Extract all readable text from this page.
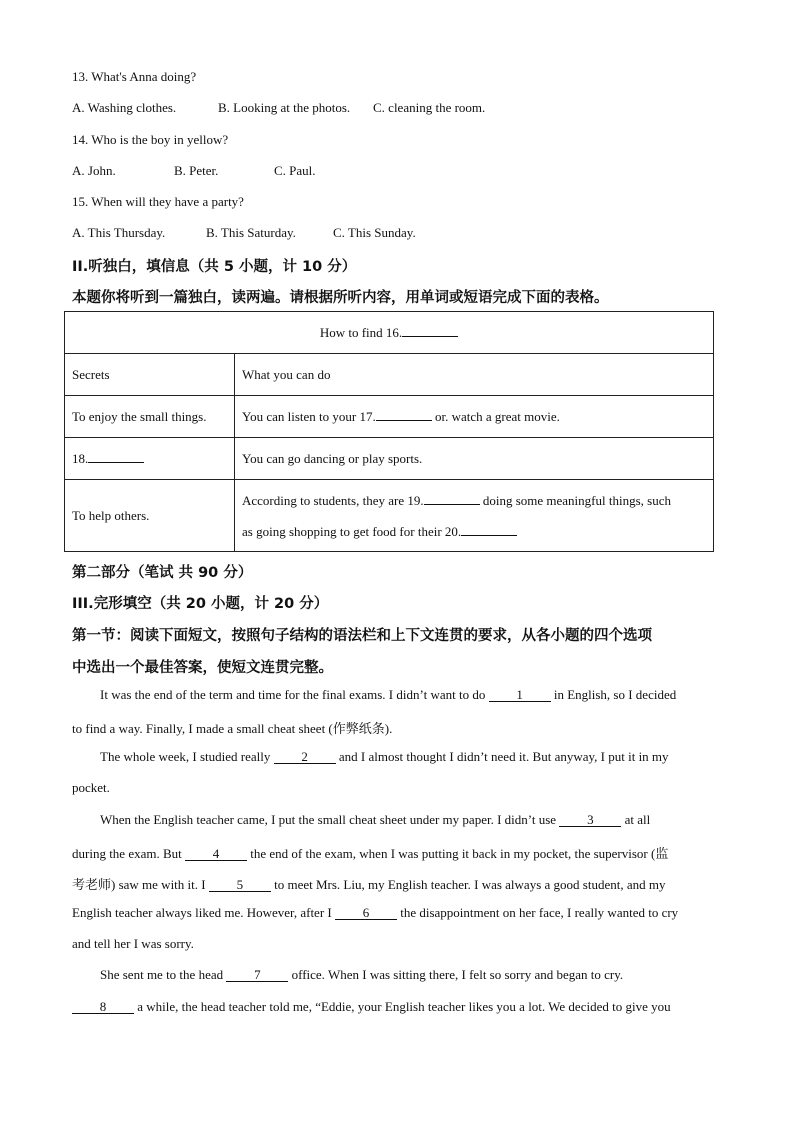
13. What's Anna doing?
A. Washing clothes.	B. Looking at the photos. C. cleaning the room.
14. Who is the boy in yellow?
A. John.	B. Peter.	C. Paul.
15. When will they have a party?
A. This Thursday.	B. This Saturday.	C. This Sunday.
II.听独白，填信息（共 5 小题，计 10 分）
本题你将听到一篇独白，读两遍。请根据所听内容，用单词或短语完成下面的表格。
How to find 16.	
Secrets	What you can do
To enjoy the small things.	You can listen to your 17. or. watch a great movie.
18.	You can go dancing or play sports.
To help others.	According to students, they are 19. doing some meaningful things, such
as going shopping to get food for their 20.
第二部分（笔试 共 90 分）
III.完形填空（共 20 小题，计 20 分）
第一节：阅读下面短文，按照句子结构的语法栏和上下文连贯的要求，从各小题的四个选项
中选出一个最佳答案，使短文连贯完整。
It was the end of the term and time for the final exams. I didn’t want to do 1 in English, so I decided
to find a way. Finally, I made a small cheat sheet (作弊纸条).
The whole week, I studied really 2 and I almost thought I didn’t need it. But anyway, I put it in my
pocket.
When the English teacher came, I put the small cheat sheet under my paper. I didn’t use 3 at all
during the exam. But 4 the end of the exam, when I was putting it back in my pocket, the supervisor (监
考老师) saw me with it. I 5 to meet Mrs. Liu, my English teacher. I was always a good student, and my
English teacher always liked me. However, after I 6 the disappointment on her face, I really wanted to cry
and tell her I was sorry.
She sent me to the head 7 office. When I was sitting there, I felt so sorry and began to cry.
8 a while, the head teacher told me, “Eddie, your English teacher likes you a lot. We decided to give you
